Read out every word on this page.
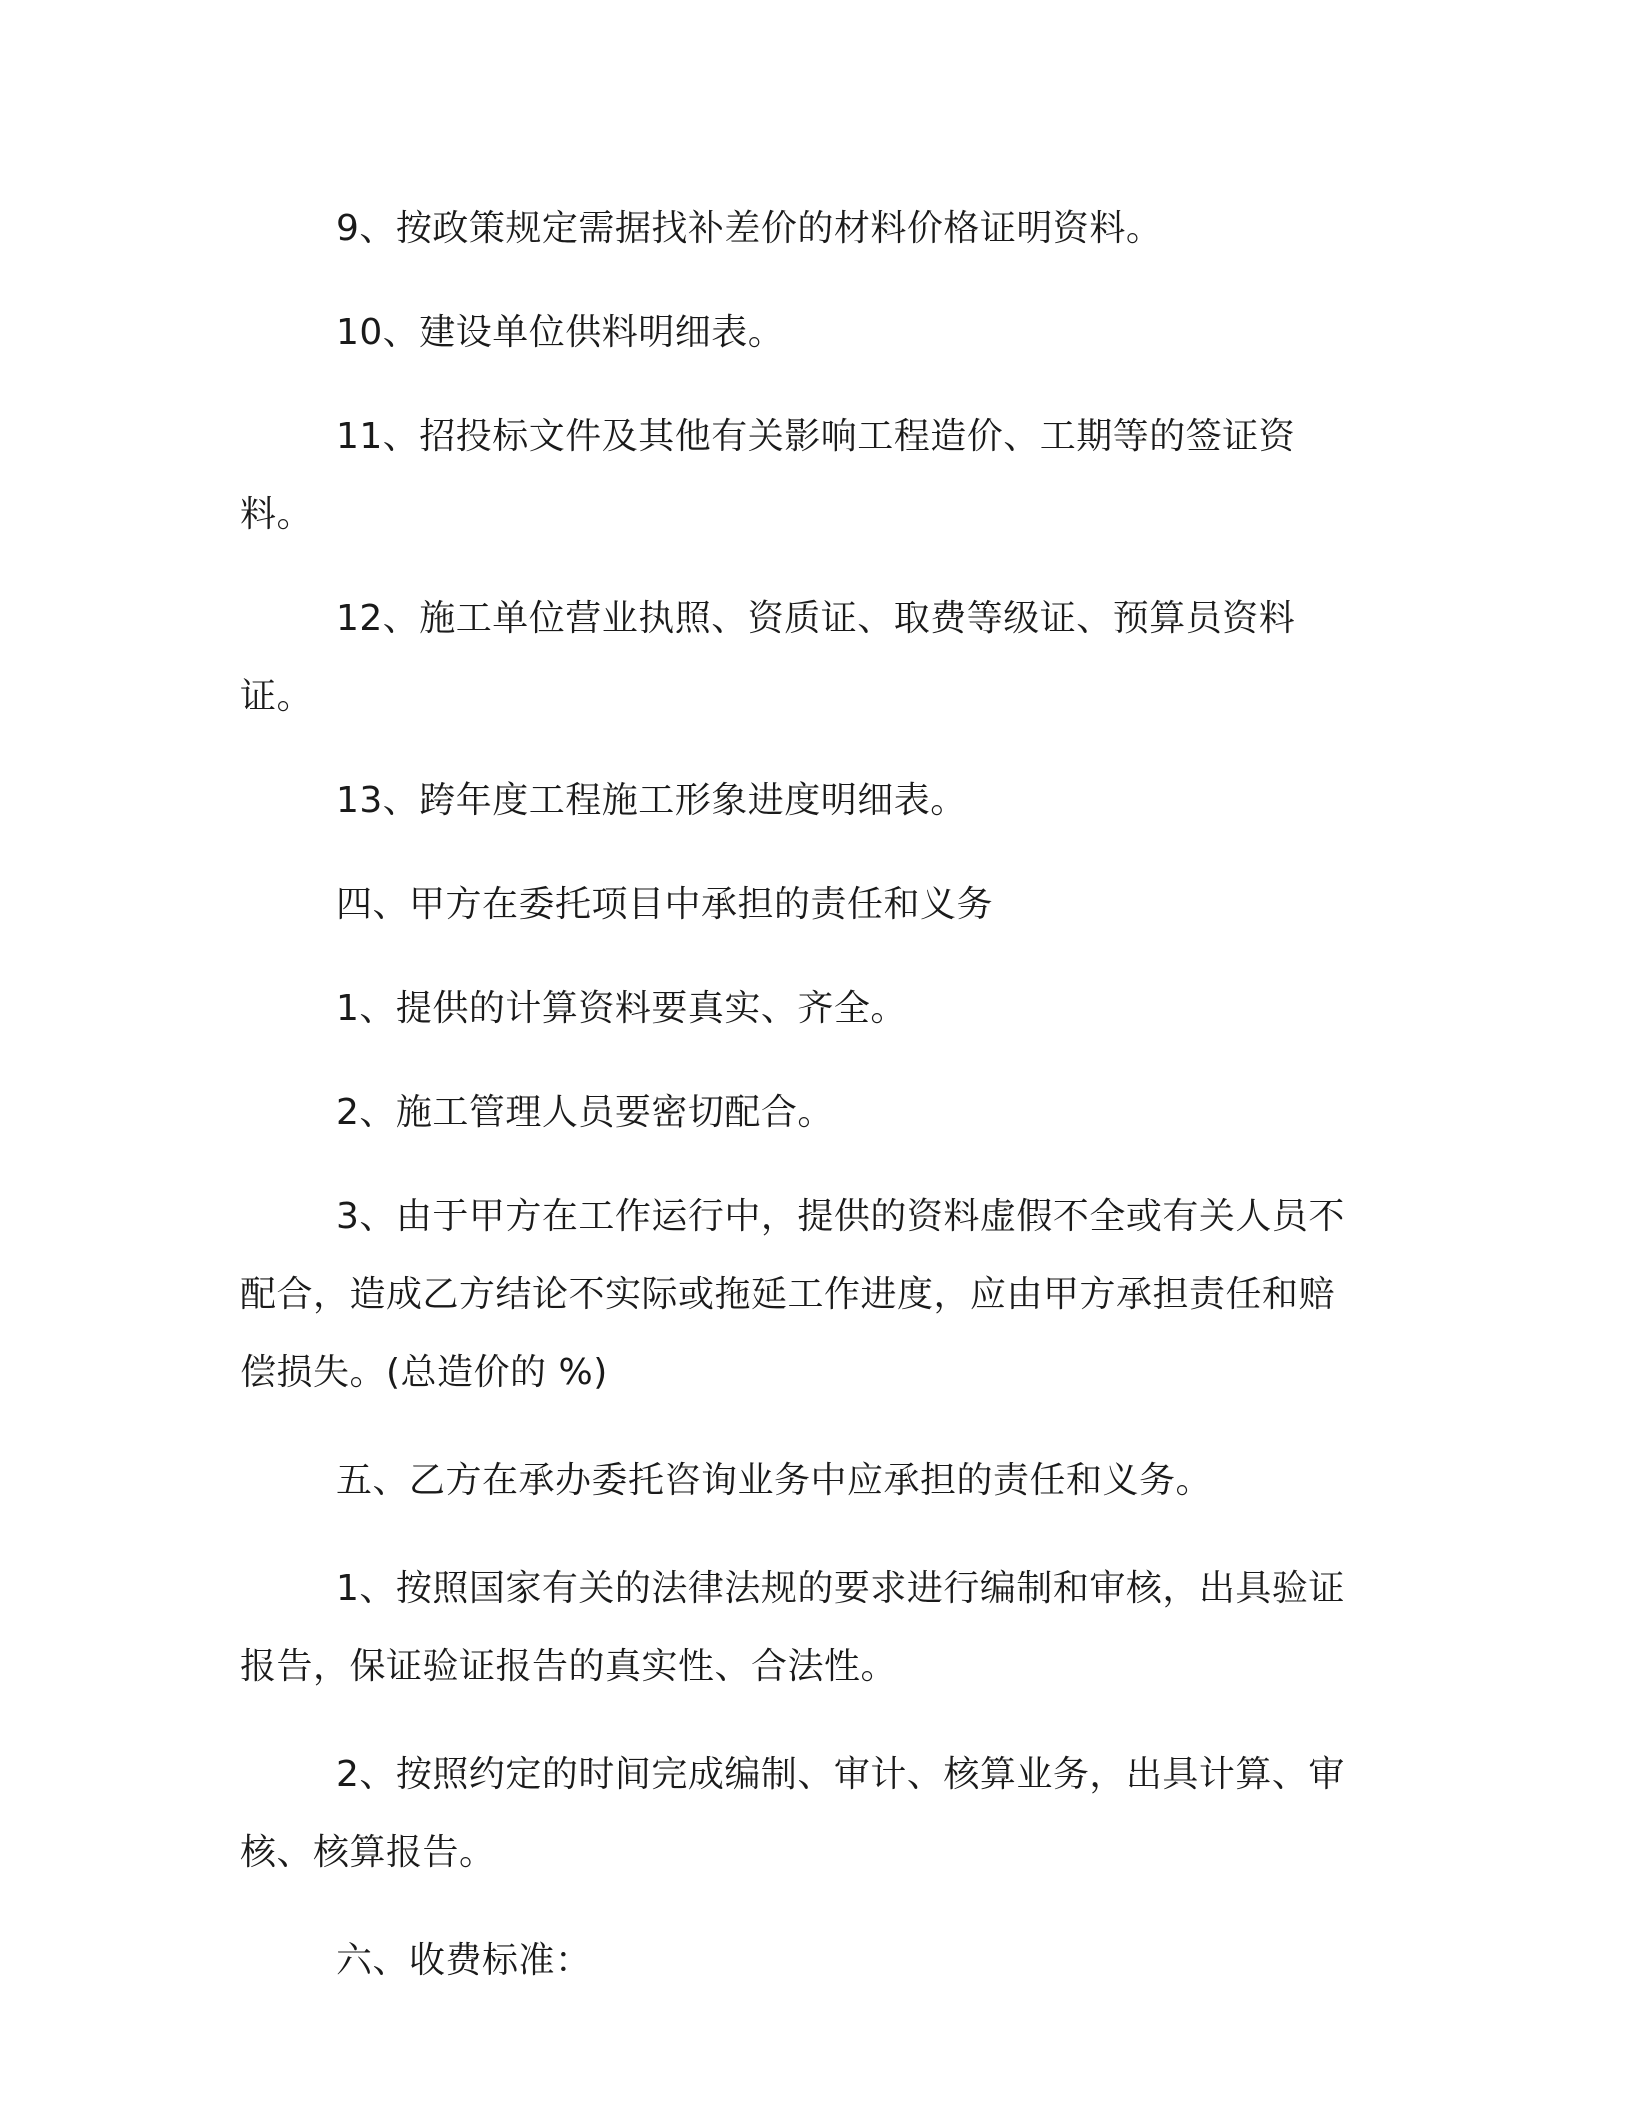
9、按政策规定需据找补差价的材料价格证明资料。

10、建设单位供料明细表。

11、招投标文件及其他有关影响工程造价、工期等的签证资料。

12、施工单位营业执照、资质证、取费等级证、预算员资料证。

13、跨年度工程施工形象进度明细表。

四、甲方在委托项目中承担的责任和义务

1、提供的计算资料要真实、齐全。

2、施工管理人员要密切配合。

3、由于甲方在工作运行中，提供的资料虚假不全或有关人员不配合，造成乙方结论不实际或拖延工作进度，应由甲方承担责任和赔偿损失。(总造价的 %)

五、乙方在承办委托咨询业务中应承担的责任和义务。

1、按照国家有关的法律法规的要求进行编制和审核，出具验证报告，保证验证报告的真实性、合法性。

2、按照约定的时间完成编制、审计、核算业务，出具计算、审核、核算报告。

六、收费标准：
